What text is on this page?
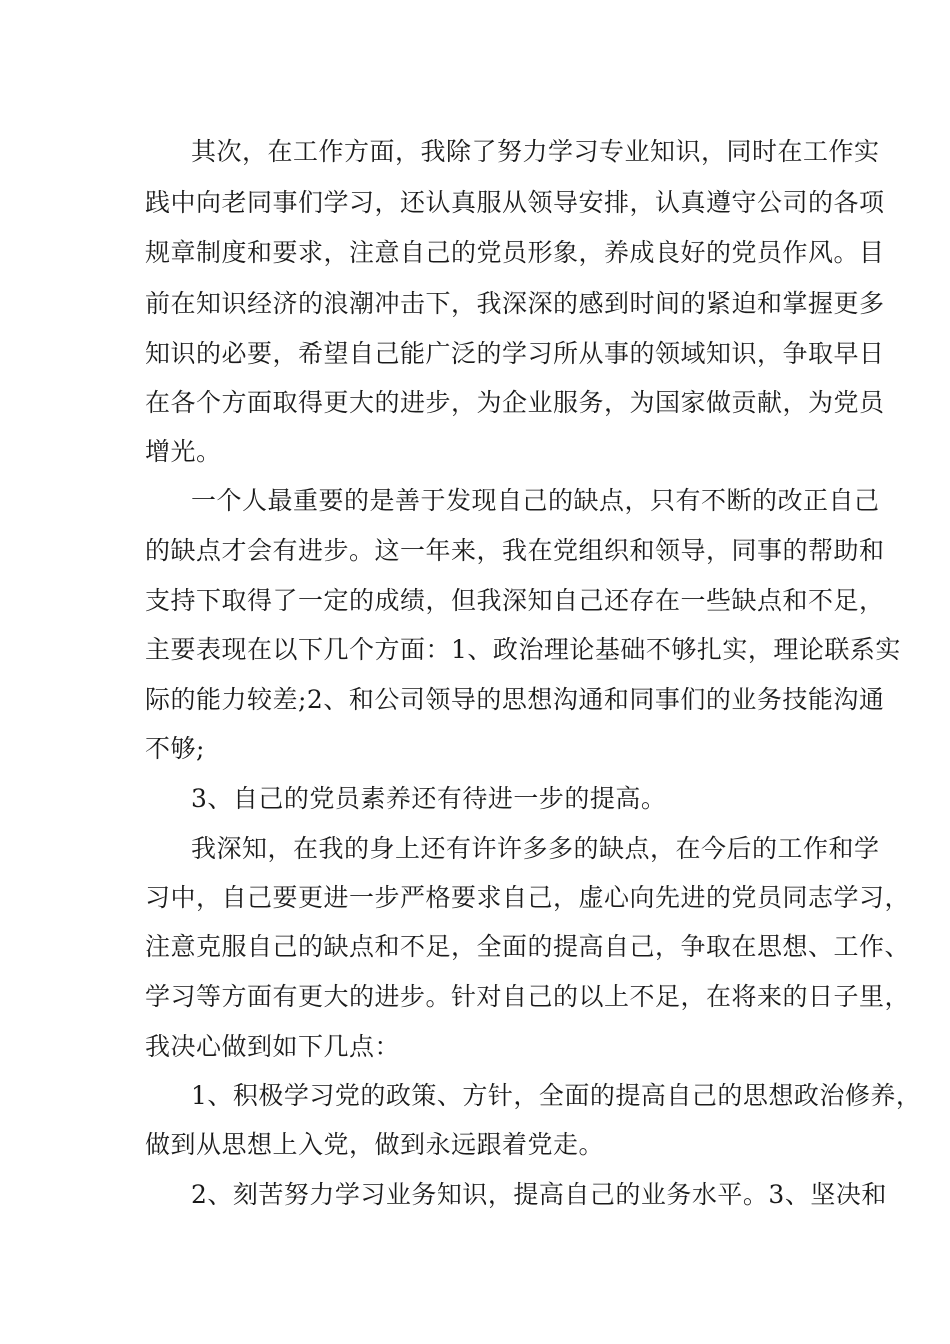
其次，在工作方面，我除了努力学习专业知识，同时在工作实
践中向老同事们学习，还认真服从领导安排，认真遵守公司的各项
规章制度和要求，注意自己的党员形象，养成良好的党员作风。目
前在知识经济的浪潮冲击下，我深深的感到时间的紧迫和掌握更多
知识的必要，希望自己能广泛的学习所从事的领域知识，争取早日
在各个方面取得更大的进步，为企业服务，为国家做贡献，为党员
增光。
一个人最重要的是善于发现自己的缺点，只有不断的改正自己
的缺点才会有进步。这一年来，我在党组织和领导，同事的帮助和
支持下取得了一定的成绩，但我深知自己还存在一些缺点和不足，
主要表现在以下几个方面：1、政治理论基础不够扎实，理论联系实
际的能力较差;2、和公司领导的思想沟通和同事们的业务技能沟通
不够;
3、自己的党员素养还有待进一步的提高。
我深知，在我的身上还有许许多多的缺点，在今后的工作和学
习中，自己要更进一步严格要求自己，虚心向先进的党员同志学习，
注意克服自己的缺点和不足，全面的提高自己，争取在思想、工作、
学习等方面有更大的进步。针对自己的以上不足，在将来的日子里，
我决心做到如下几点：
1、积极学习党的政策、方针，全面的提高自己的思想政治修养，
做到从思想上入党，做到永远跟着党走。
2、刻苦努力学习业务知识，提高自己的业务水平。3、坚决和
